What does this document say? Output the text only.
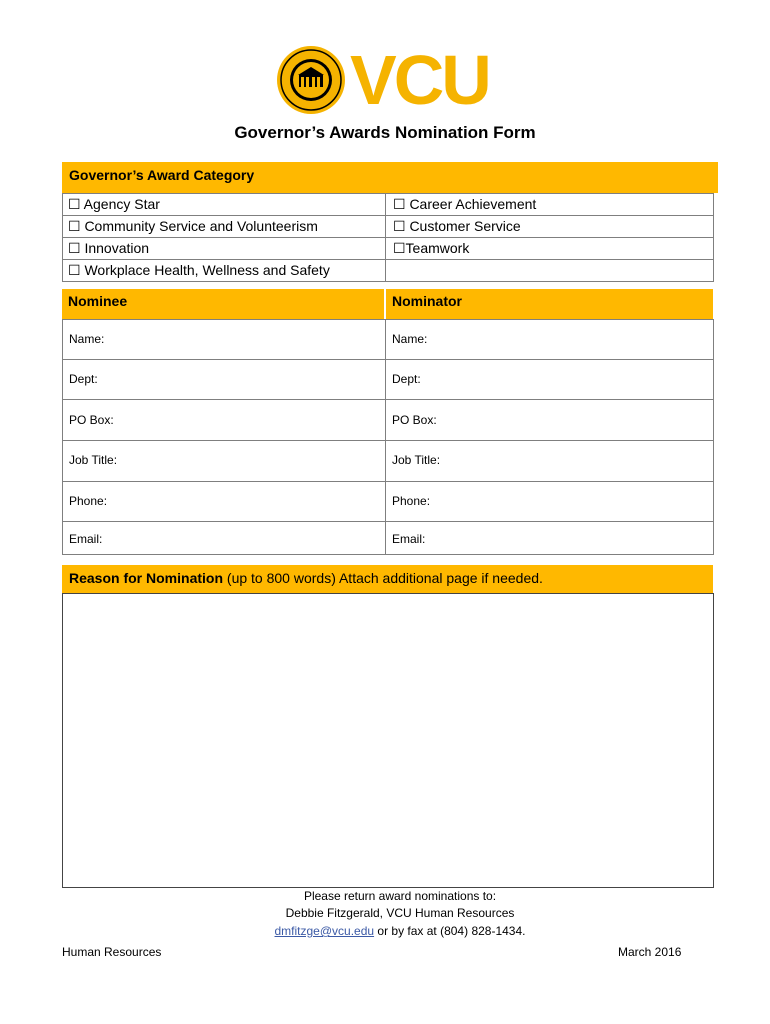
VCU
Governor’s Awards Nomination Form
Governor’s Award Category
☐ Agency Star
☐ Community Service and Volunteerism
☐ Innovation
☐ Workplace Health, Wellness and Safety
☐ Career Achievement
☐ Customer Service
☐Teamwork
Nominee	Nominator
Name:
Dept:
PO Box:
Job Title:
Phone:
Email:
Name:
Dept:
PO Box:
Job Title:
Phone:
Email:
Reason for Nomination (up to 800 words) Attach additional page if needed.
Please return award nominations to:
Debbie Fitzgerald, VCU Human Resources
dmfitzge@vcu.edu or by fax at (804) 828-1434.
Human Resources	March 2016
